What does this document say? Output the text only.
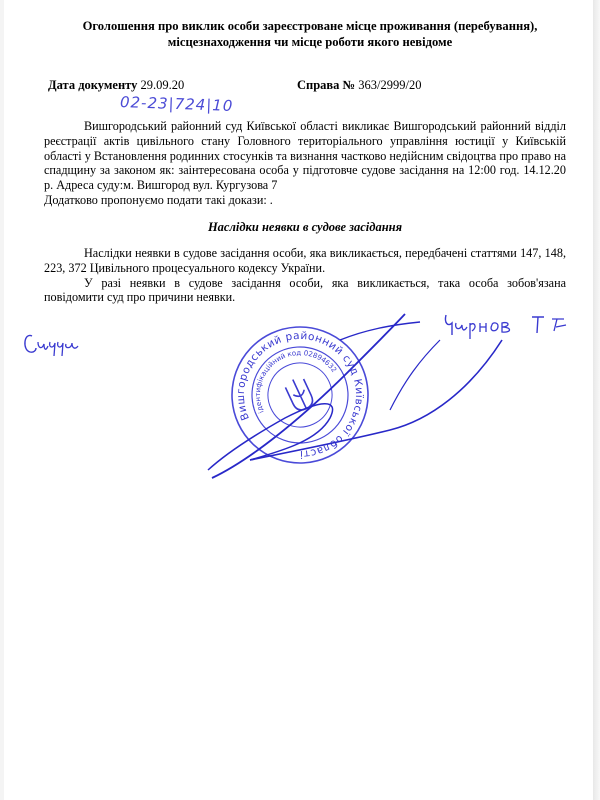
Оголошення про виклик особи зареєстроване місце проживання (перебування),
місцезнаходження чи місце роботи якого невідоме
Дата документу 29.09.20	Справа № 363/2999/20
02-23|724|10

Вишгородський районний суд Київської області викликає Вишгородський районний відділ реєстрації актів цивільного стану Головного територіального управління юстиції у Київській області у Встановлення родинних стосунків та визнання частково недійсним свідоцтва про право на спадщину за законом як: заінтересована особа у підготовче судове засідання на 12:00 год. 14.12.20 р. Адреса суду:м. Вишгород вул. Кургузова 7

Додатково пропонуємо подати такі докази: .

Наслідки неявки в судове засідання

Наслідки неявки в судове засідання особи, яка викликається, передбачені статтями 147, 148, 223, 372 Цивільного процесуального кодексу України.

У разі неявки в судове засідання особи, яка викликається, така особа зобов'язана повідомити суд про причини неявки.

Вишгородський районний суд Київської області
ідентифікаційний код 02894632
